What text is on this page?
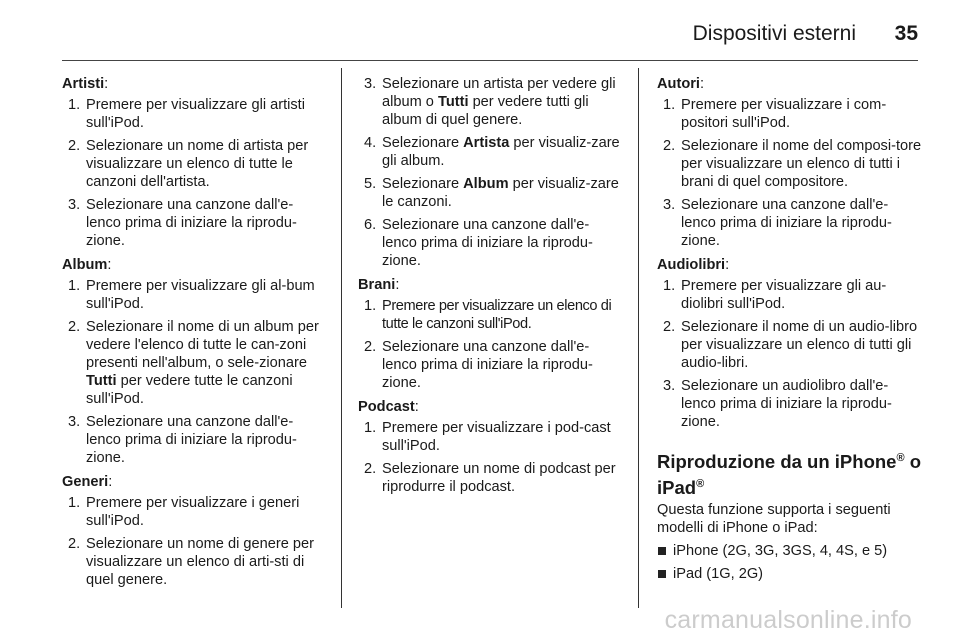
Dispositivi esterni 35
Artisti:
1. Premere per visualizzare gli artisti sull'iPod.
2. Selezionare un nome di artista per visualizzare un elenco di tutte le canzoni dell'artista.
3. Selezionare una canzone dall'e-lenco prima di iniziare la riprodu-zione.
Album:
1. Premere per visualizzare gli al-bum sull'iPod.
2. Selezionare il nome di un album per vedere l'elenco di tutte le can-zoni presenti nell'album, o sele-zionare Tutti per vedere tutte le canzoni sull'iPod.
3. Selezionare una canzone dall'e-lenco prima di iniziare la riprodu-zione.
Generi:
1. Premere per visualizzare i generi sull'iPod.
2. Selezionare un nome di genere per visualizzare un elenco di arti-sti di quel genere.
3. Selezionare un artista per vedere gli album o Tutti per vedere tutti gli album di quel genere.
4. Selezionare Artista per visualiz-zare gli album.
5. Selezionare Album per visualiz-zare le canzoni.
6. Selezionare una canzone dall'e-lenco prima di iniziare la riprodu-zione.
Brani:
1. Premere per visualizzare un elenco di tutte le canzoni sull'iPod.
2. Selezionare una canzone dall'e-lenco prima di iniziare la riprodu-zione.
Podcast:
1. Premere per visualizzare i pod-cast sull'iPod.
2. Selezionare un nome di podcast per riprodurre il podcast.
Autori:
1. Premere per visualizzare i com-positori sull'iPod.
2. Selezionare il nome del composi-tore per visualizzare un elenco di tutti i brani di quel compositore.
3. Selezionare una canzone dall'e-lenco prima di iniziare la riprodu-zione.
Audiolibri:
1. Premere per visualizzare gli au-diolibri sull'iPod.
2. Selezionare il nome di un audio-libro per visualizzare un elenco di tutti gli audio-libri.
3. Selezionare un audiolibro dall'e-lenco prima di iniziare la riprodu-zione.
Riproduzione da un iPhone® o
iPad®

Questa funzione supporta i seguenti modelli di iPhone o iPad:

iPhone (2G, 3G, 3GS, 4, 4S, e 5)
iPad (1G, 2G)
carmanualsonline.info
